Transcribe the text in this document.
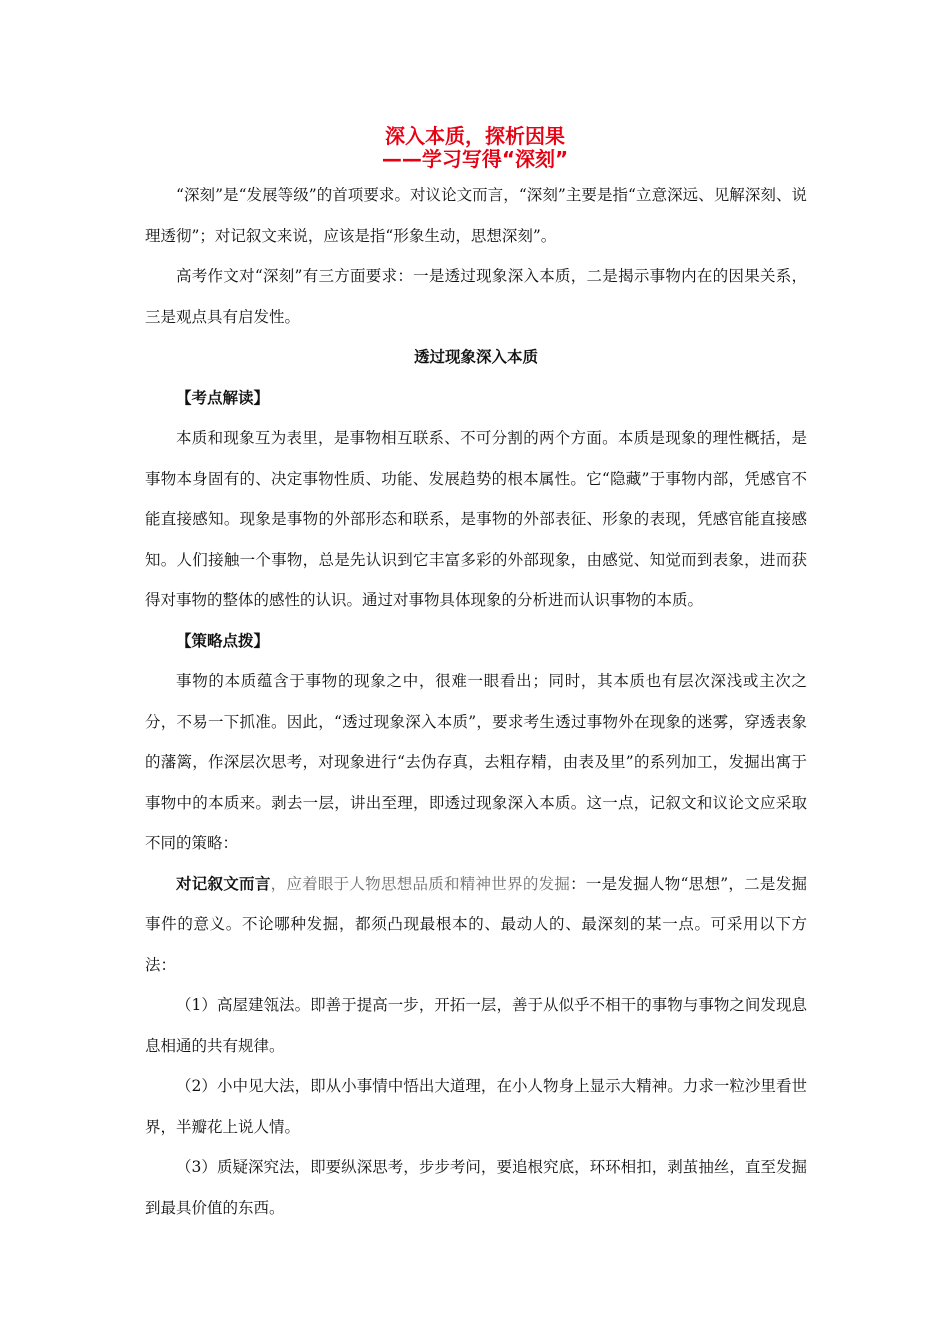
深入本质，探析因果
——学习写得“深刻”

“深刻”是“发展等级”的首项要求。对议论文而言，“深刻”主要是指“立意深远、见解深刻、说理透彻”；对记叙文来说，应该是指“形象生动，思想深刻”。

高考作文对“深刻”有三方面要求：一是透过现象深入本质，二是揭示事物内在的因果关系，三是观点具有启发性。

透过现象深入本质

【考点解读】

本质和现象互为表里，是事物相互联系、不可分割的两个方面。本质是现象的理性概括，是事物本身固有的、决定事物性质、功能、发展趋势的根本属性。它“隐藏”于事物内部，凭感官不能直接感知。现象是事物的外部形态和联系，是事物的外部表征、形象的表现，凭感官能直接感知。人们接触一个事物，总是先认识到它丰富多彩的外部现象，由感觉、知觉而到表象，进而获得对事物的整体的感性的认识。通过对事物具体现象的分析进而认识事物的本质。

【策略点拨】

事物的本质蕴含于事物的现象之中，很难一眼看出；同时，其本质也有层次深浅或主次之分，不易一下抓准。因此，“透过现象深入本质”，要求考生透过事物外在现象的迷雾，穿透表象的藩篱，作深层次思考，对现象进行“去伪存真，去粗存精，由表及里”的系列加工，发掘出寓于事物中的本质来。剥去一层，讲出至理，即透过现象深入本质。这一点，记叙文和议论文应采取不同的策略：

对记叙文而言，应着眼于人物思想品质和精神世界的发掘：一是发掘人物“思想”，二是发掘事件的意义。不论哪种发掘，都须凸现最根本的、最动人的、最深刻的某一点。可采用以下方法：

（1）高屋建瓴法。即善于提高一步，开拓一层，善于从似乎不相干的事物与事物之间发现息息相通的共有规律。

（2）小中见大法，即从小事情中悟出大道理，在小人物身上显示大精神。力求一粒沙里看世界，半瓣花上说人情。

（3）质疑深究法，即要纵深思考，步步考问，要追根究底，环环相扣，剥茧抽丝，直至发掘到最具价值的东西。
